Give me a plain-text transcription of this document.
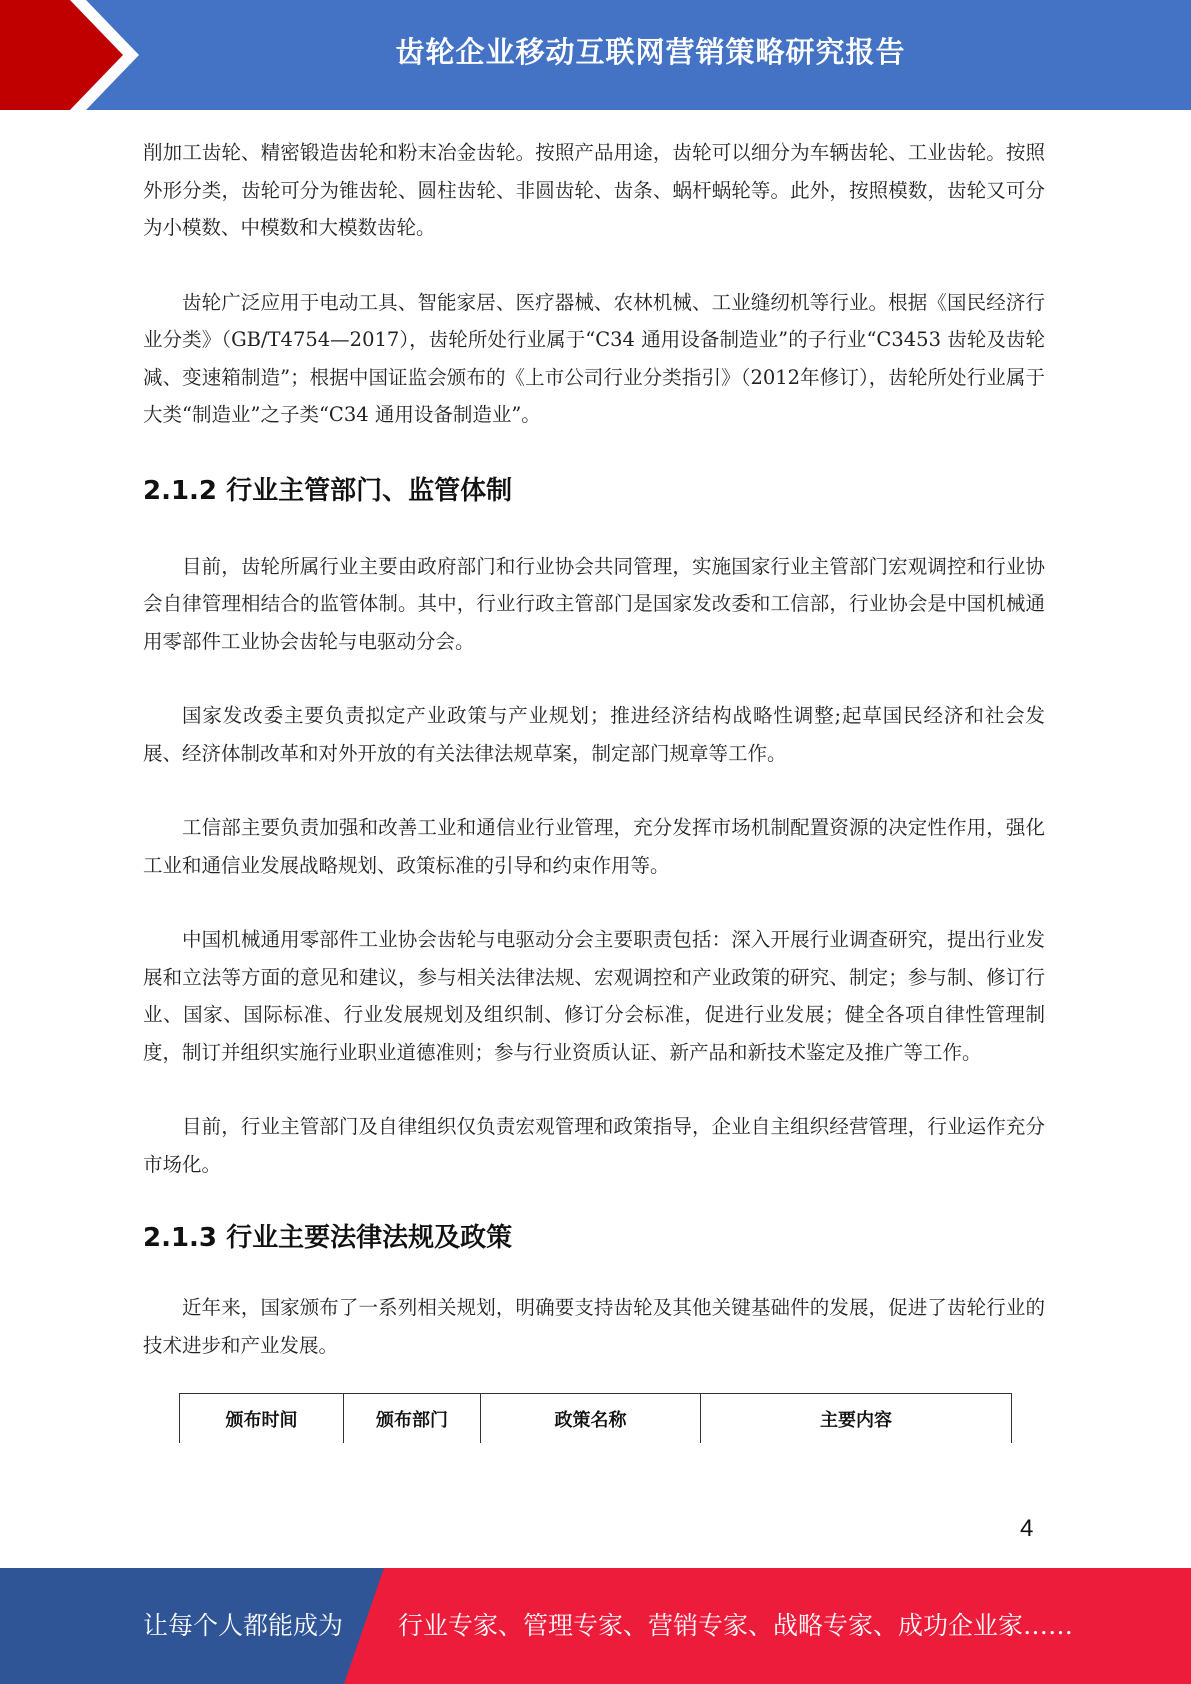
齿轮企业移动互联网营销策略研究报告

削加工齿轮、精密锻造齿轮和粉末冶金齿轮。按照产品用途，齿轮可以细分为车辆齿轮、工业齿轮。按照外形分类，齿轮可分为锥齿轮、圆柱齿轮、非圆齿轮、齿条、蜗杆蜗轮等。此外，按照模数，齿轮又可分为小模数、中模数和大模数齿轮。

齿轮广泛应用于电动工具、智能家居、医疗器械、农林机械、工业缝纫机等行业。根据《国民经济行业分类》（GB/T4754—2017），齿轮所处行业属于“C34 通用设备制造业”的子行业“C3453 齿轮及齿轮减、变速箱制造”；根据中国证监会颁布的《上市公司行业分类指引》（2012年修订），齿轮所处行业属于大类“制造业”之子类“C34 通用设备制造业”。

2.1.2 行业主管部门、监管体制

目前，齿轮所属行业主要由政府部门和行业协会共同管理，实施国家行业主管部门宏观调控和行业协会自律管理相结合的监管体制。其中，行业行政主管部门是国家发改委和工信部，行业协会是中国机械通用零部件工业协会齿轮与电驱动分会。

国家发改委主要负责拟定产业政策与产业规划；推进经济结构战略性调整;起草国民经济和社会发展、经济体制改革和对外开放的有关法律法规草案，制定部门规章等工作。

工信部主要负责加强和改善工业和通信业行业管理，充分发挥市场机制配置资源的决定性作用，强化工业和通信业发展战略规划、政策标准的引导和约束作用等。

中国机械通用零部件工业协会齿轮与电驱动分会主要职责包括：深入开展行业调查研究，提出行业发展和立法等方面的意见和建议，参与相关法律法规、宏观调控和产业政策的研究、制定；参与制、修订行业、国家、国际标准、行业发展规划及组织制、修订分会标准，促进行业发展；健全各项自律性管理制度，制订并组织实施行业职业道德准则；参与行业资质认证、新产品和新技术鉴定及推广等工作。

目前，行业主管部门及自律组织仅负责宏观管理和政策指导，企业自主组织经营管理，行业运作充分市场化。

2.1.3 行业主要法律法规及政策

近年来，国家颁布了一系列相关规划，明确要支持齿轮及其他关键基础件的发展，促进了齿轮行业的技术进步和产业发展。

颁布时间	颁布部门	政策名称	主要内容
4
让每个人都能成为 行业专家、管理专家、营销专家、战略专家、成功企业家……
